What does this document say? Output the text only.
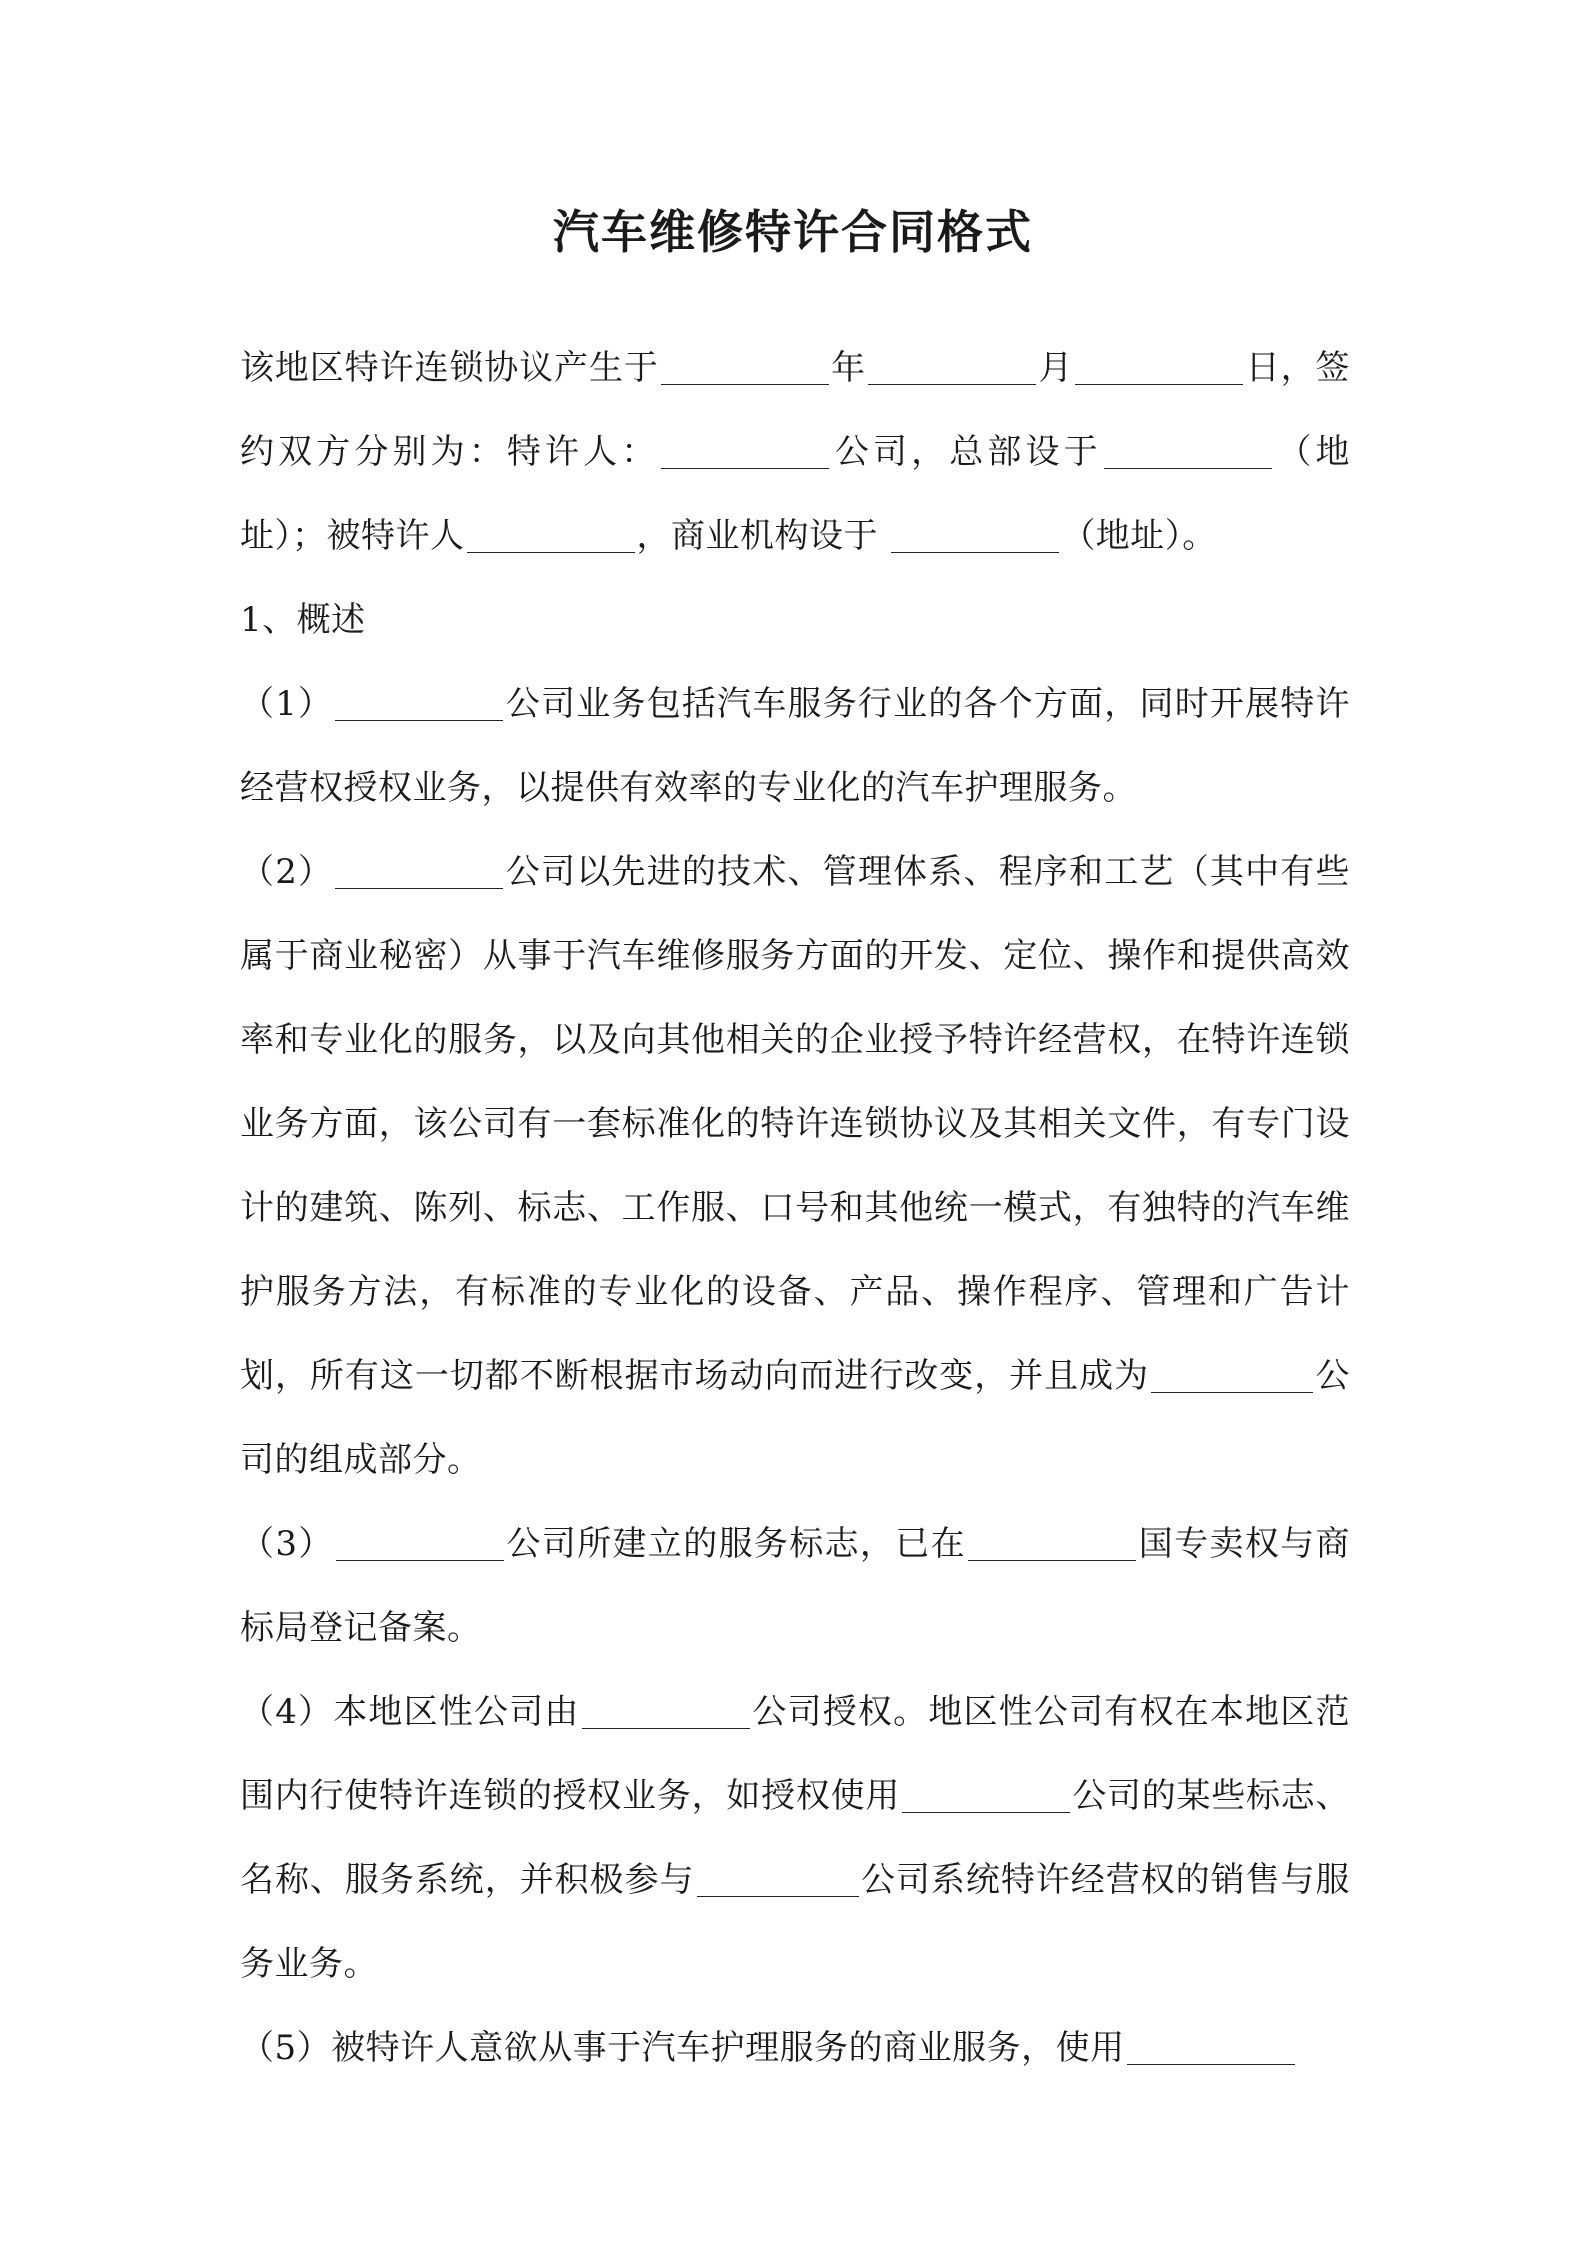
汽车维修特许合同格式

该地区特许连锁协议产生于	年	月	日，签约双方分别为：特许人：	公司，总部设于	（地址）；被特许人	，商业机构设于	（地址）。

1、概述

（1）	公司业务包括汽车服务行业的各个方面，同时开展特许经营权授权业务，以提供有效率的专业化的汽车护理服务。

（2）	公司以先进的技术、管理体系、程序和工艺（其中有些属于商业秘密）从事于汽车维修服务方面的开发、定位、操作和提供高效率和专业化的服务，以及向其他相关的企业授予特许经营权，在特许连锁业务方面，该公司有一套标准化的特许连锁协议及其相关文件，有专门设计的建筑、陈列、标志、工作服、口号和其他统一模式，有独特的汽车维护服务方法，有标准的专业化的设备、产品、操作程序、管理和广告计划，所有这一切都不断根据市场动向而进行改变，并且成为	公司的组成部分。

（3）	公司所建立的服务标志，已在	国专卖权与商标局登记备案。

（4）本地区性公司由	公司授权。地区性公司有权在本地区范围内行使特许连锁的授权业务，如授权使用	公司的某些标志、名称、服务系统，并积极参与	公司系统特许经营权的销售与服务业务。

（5）被特许人意欲从事于汽车护理服务的商业服务，使用
